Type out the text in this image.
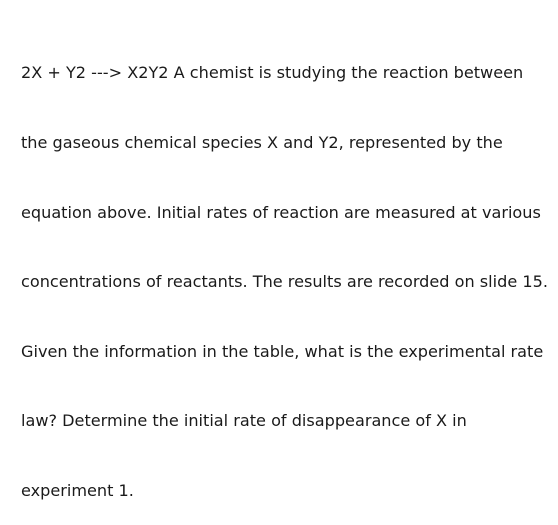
2X + Y2 ---> X2Y2 A chemist is studying the reaction between

the gaseous chemical species X and Y2, represented by the

equation above. Initial rates of reaction are measured at various

concentrations of reactants. The results are recorded on slide 15.

Given the information in the table, what is the experimental rate

law? Determine the initial rate of disappearance of X in

experiment 1.
